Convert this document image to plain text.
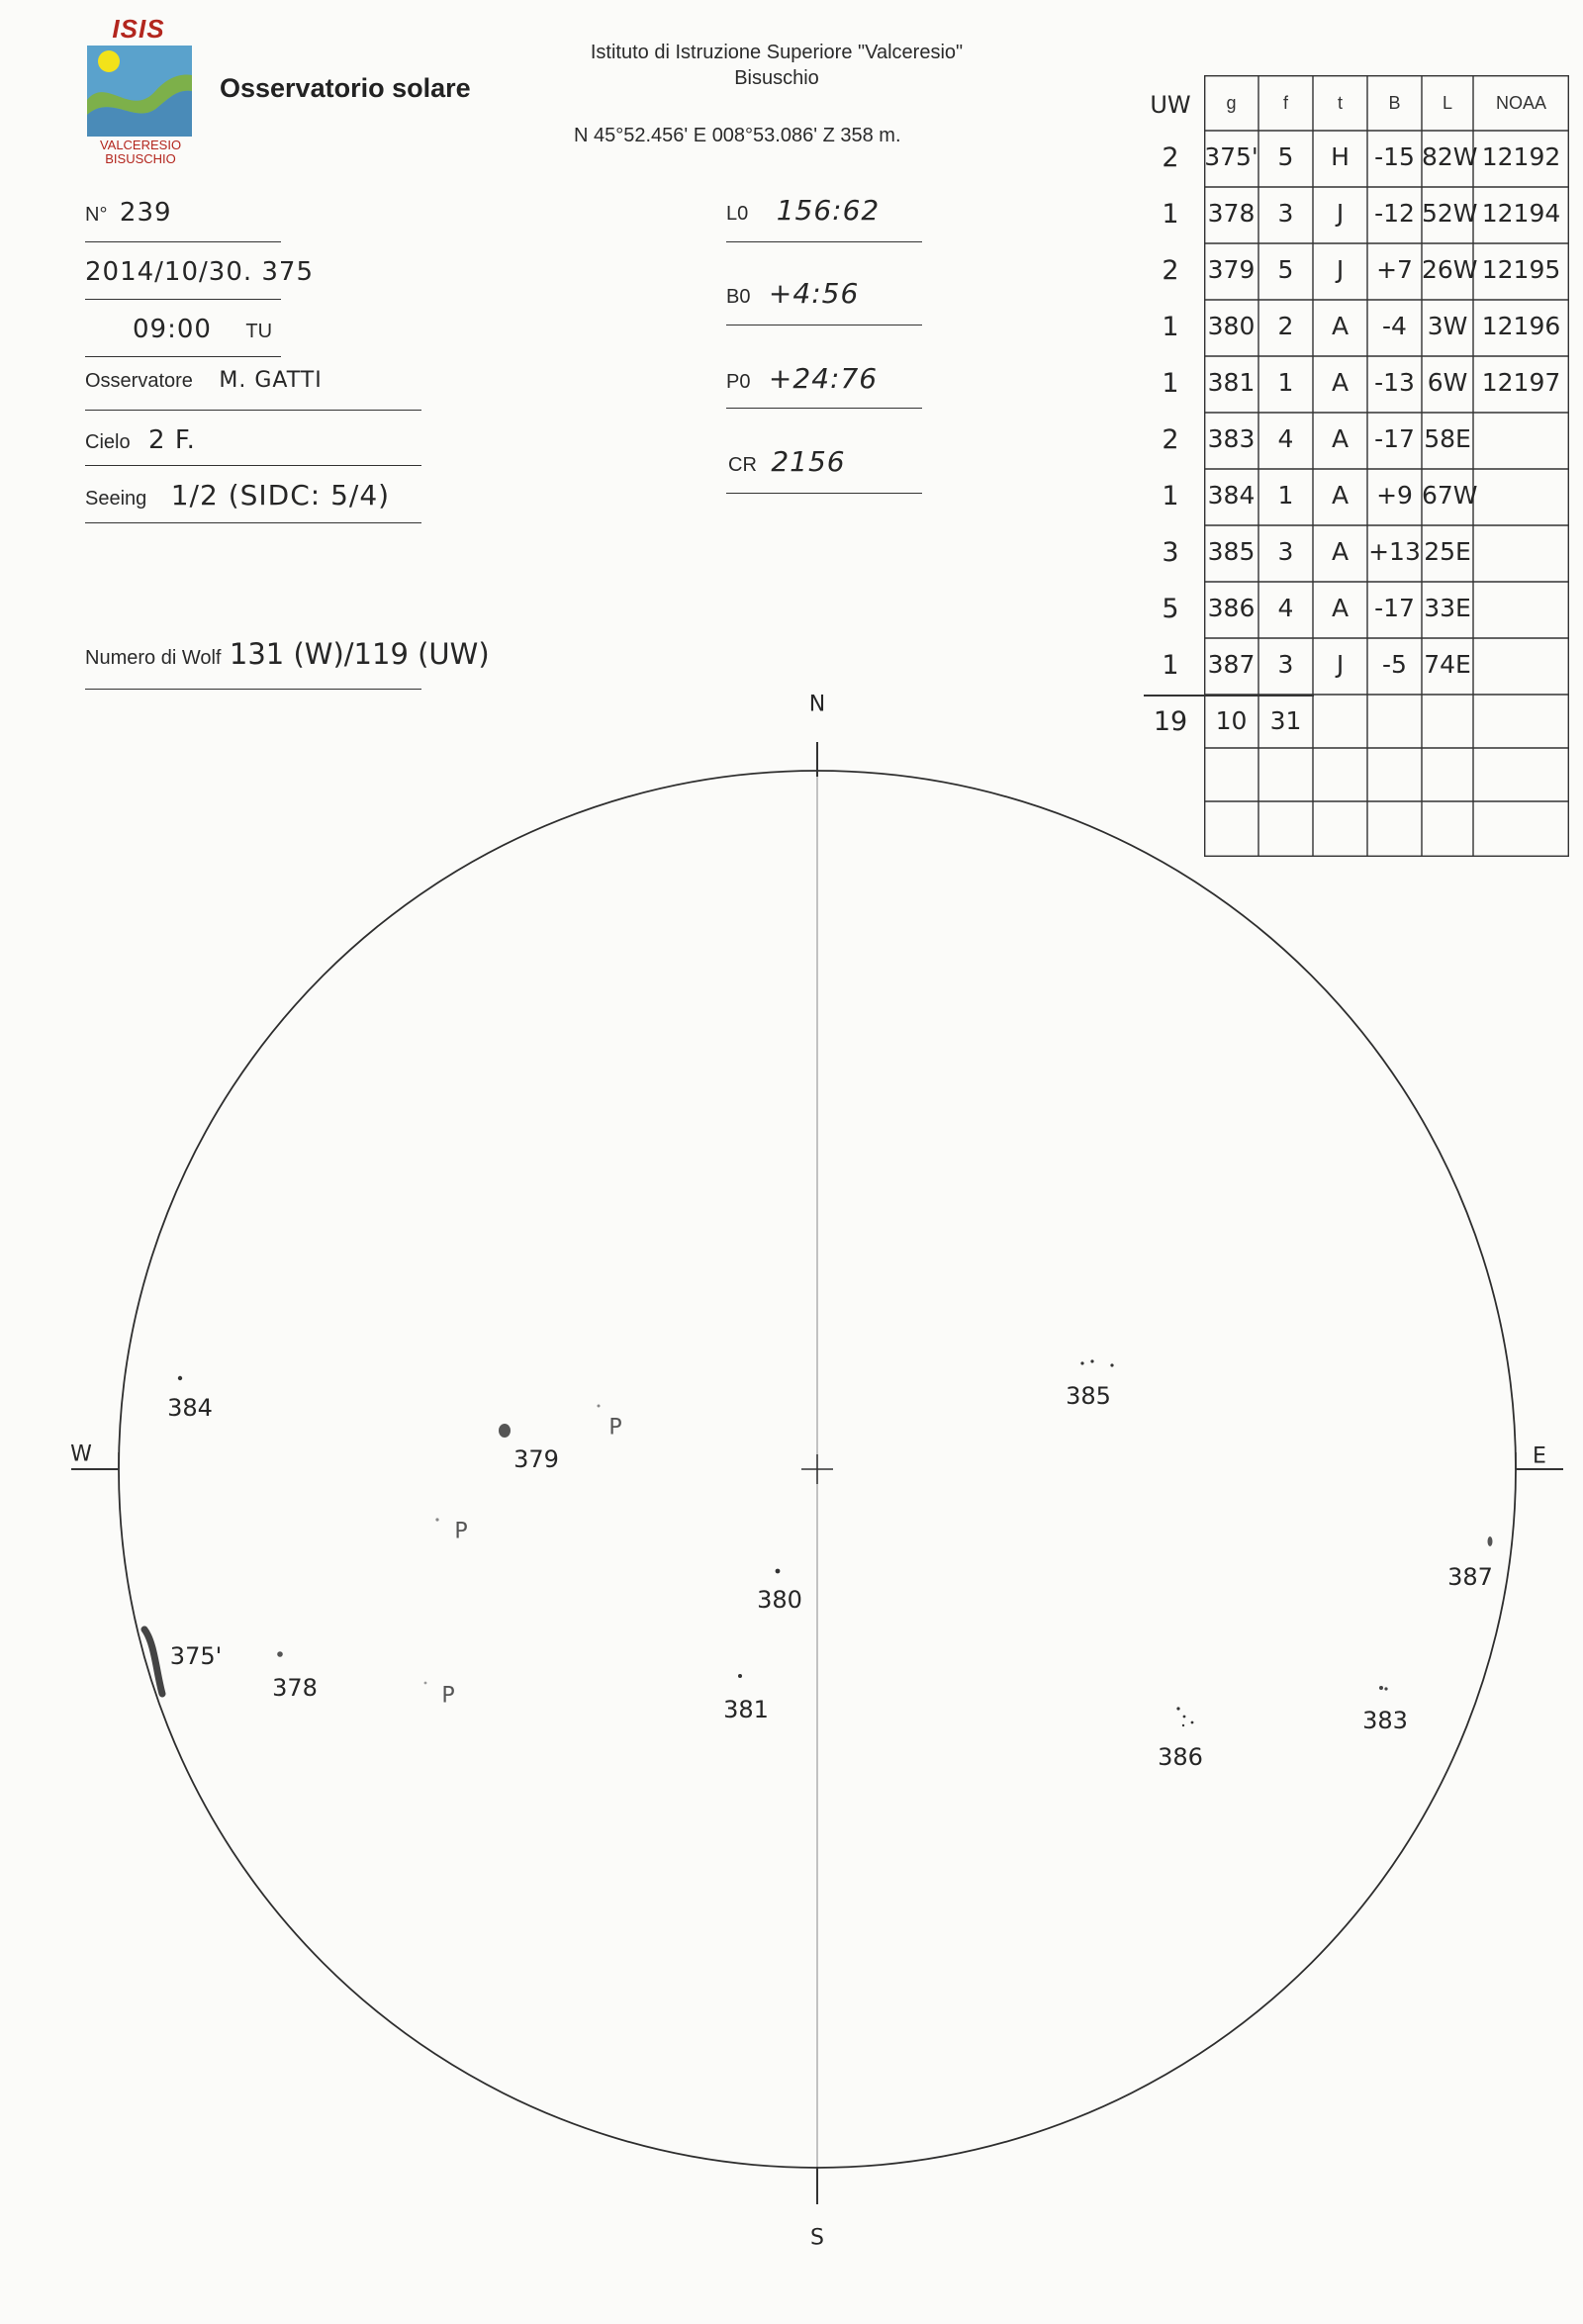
ISIS
VALCERESIO
BISUSCHIO
Osservatorio solare
Istituto di Istruzione Superiore "Valceresio"
Bisuschio
N 45°52.456' E 008°53.086' Z 358 m.
N° 239
2014/10/30. 375
09:00 TU
Osservatore M. GATTI
Cielo 2 F.
Seeing 1/2 (SIDC: 5/4)
Numero di Wolf 131 (W)/119 (UW)
L0 156:62
B0 +4:56
P0 +24:76
CR 2156
UW	g	f	t	B	L	NOAA
2	375' 5	H	-15 82W 12192
1	378 3	J	-12 52W 12194
2	379 5	J	+7 26W 12195
1	380 2	A	-4 3W 12196
1	381 1	A	-13 6W 12197
2	383 4	A	-17 58E
1	384 1	A	+9 67W
3	385 3	A +13 25E
5	386 4	A	-17 33E
1	387 3	J	-5 74E
19	10 31
N
S
W	E
384
379
385
380
375'
378
381
386
383
387
P
P
P
